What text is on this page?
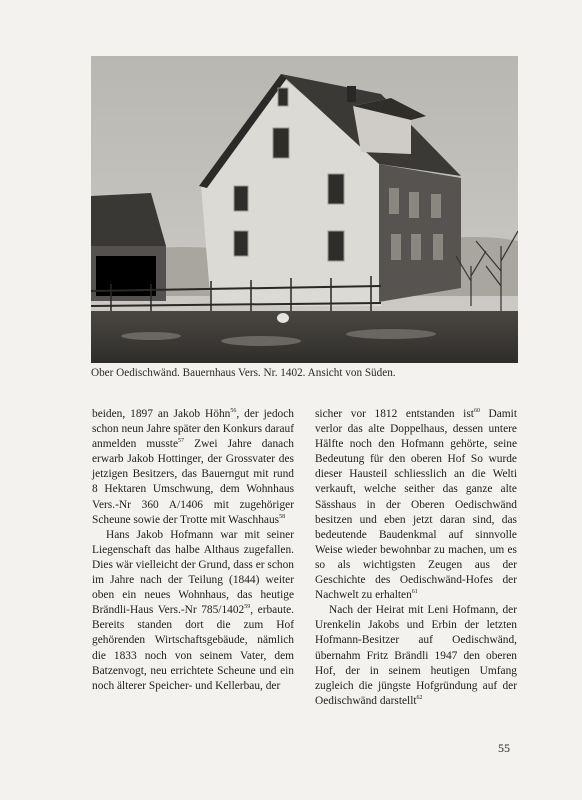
Ober Oedischwänd. Bauernhaus Vers. Nr. 1402. Ansicht von Süden.

beiden, 1897 an Jakob Höhn$^{56}$, der jedoch schon neun Jahre später den Konkurs darauf anmelden musste$^{57}$ Zwei Jahre danach erwarb Jakob Hottinger, der Grossvater des jetzigen Besitzers, das Bauerngut mit rund 8 Hektaren Umschwung, dem Wohnhaus Vers.-Nr 360 A/1406 mit zugehöriger Scheune sowie der Trotte mit Waschhaus$^{58}$

Hans Jakob Hofmann war mit seiner Liegenschaft das halbe Althaus zugefallen. Dies wär vielleicht der Grund, dass er schon im Jahre nach der Teilung (1844) weiter oben ein neues Wohnhaus, das heutige Brändli-Haus Vers.-Nr 785/1402$^{59}$, erbaute. Bereits standen dort die zum Hof gehörenden Wirtschaftsgebäude, nämlich die 1833 noch von seinem Vater, dem Batzenvogt, neu errichtete Scheune und ein noch älterer Speicher- und Kellerbau, der

sicher vor 1812 entstanden ist$^{60}$ Damit verlor das alte Doppelhaus, dessen untere Hälfte noch den Hofmann gehörte, seine Bedeutung für den oberen Hof So wurde dieser Hausteil schliesslich an die Welti verkauft, welche seither das ganze alte Sässhaus in der Oberen Oedischwänd besitzen und eben jetzt daran sind, das bedeutende Baudenkmal auf sinnvolle Weise wieder bewohnbar zu machen, um es so als wichtigsten Zeugen aus der Geschichte des Oedischwänd-Hofes der Nachwelt zu erhalten$^{61}$

Nach der Heirat mit Leni Hofmann, der Urenkelin Jakobs und Erbin der letzten Hofmann-Besitzer auf Oedischwänd, übernahm Fritz Brändli 1947 den oberen Hof, der in seinem heutigen Umfang zugleich die jüngste Hofgründung auf der Oedischwänd darstellt$^{62}$

55
